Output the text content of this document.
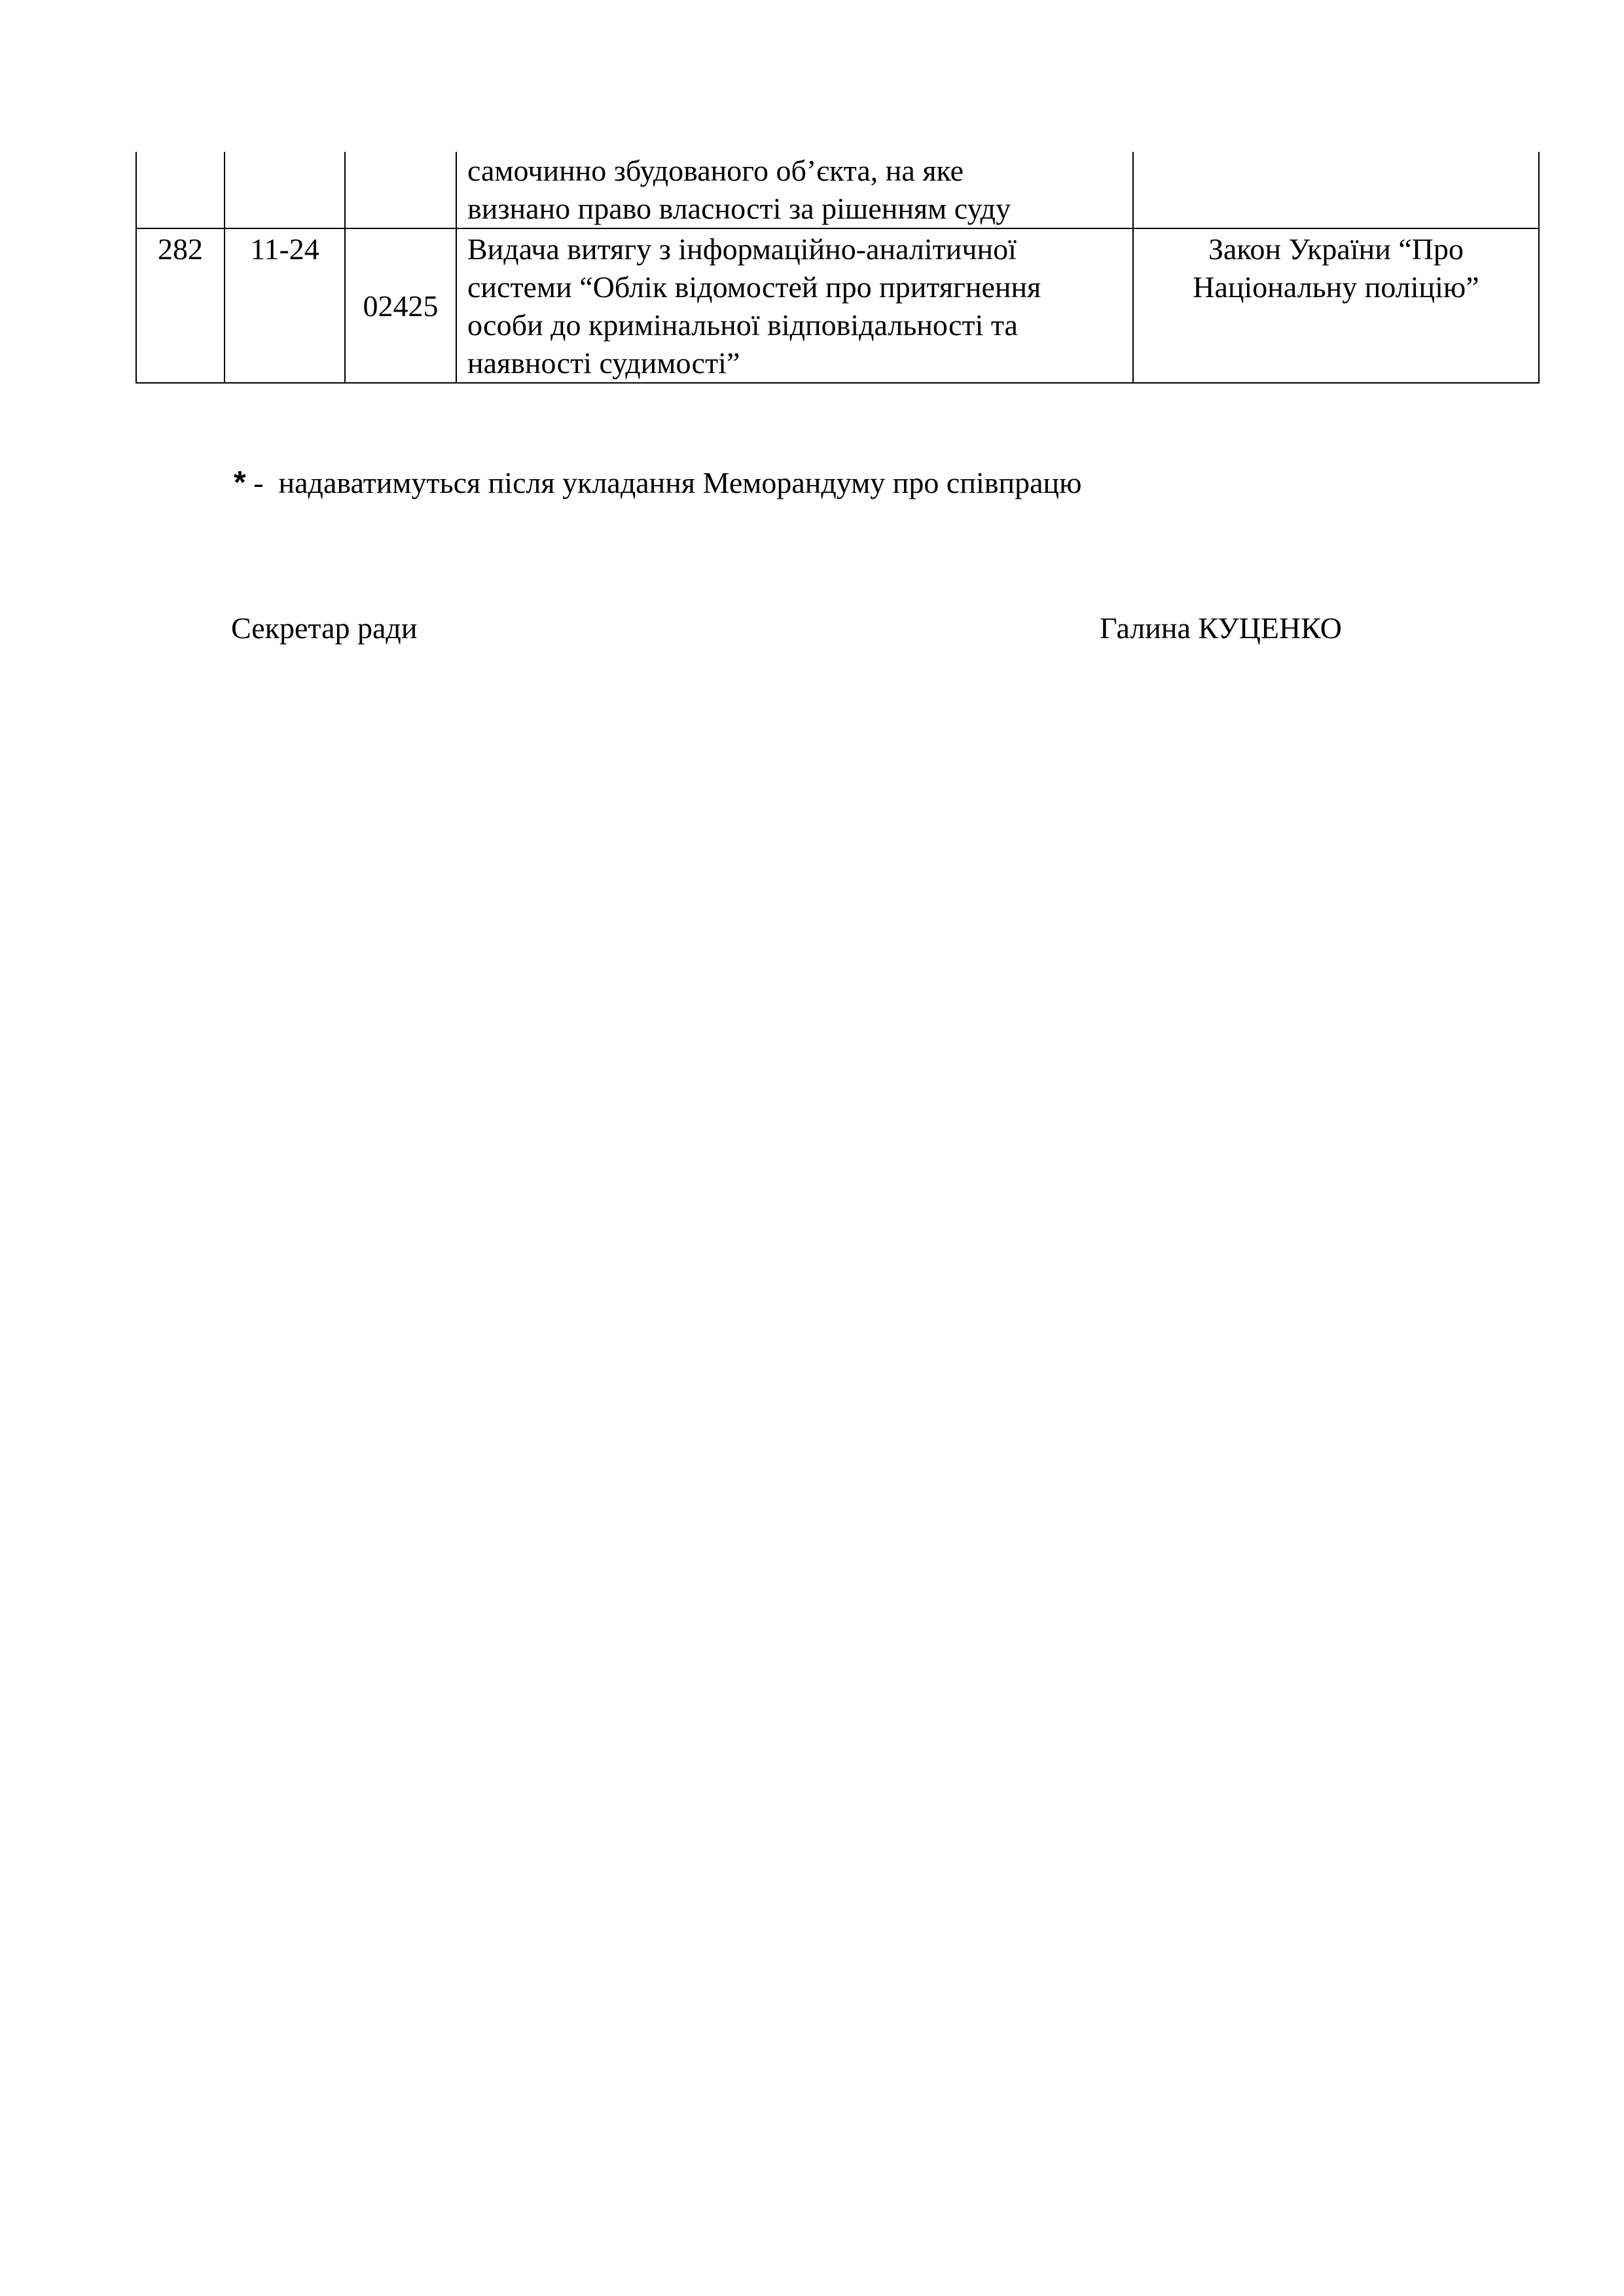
			самочинно збудованого об’єкта, на яке
визнано право власності за рішенням суду	

282	11-24	02425	Видача витягу з інформаційно-аналітичної
системи “Облік відомостей про притягнення
особи до кримінальної відповідальності та
наявності судимості”	Закон України “Про
Національну поліцію”
* -  надаватимуться після укладання Меморандуму про співпрацю
Секретар ради	Галина КУЦЕНКО
